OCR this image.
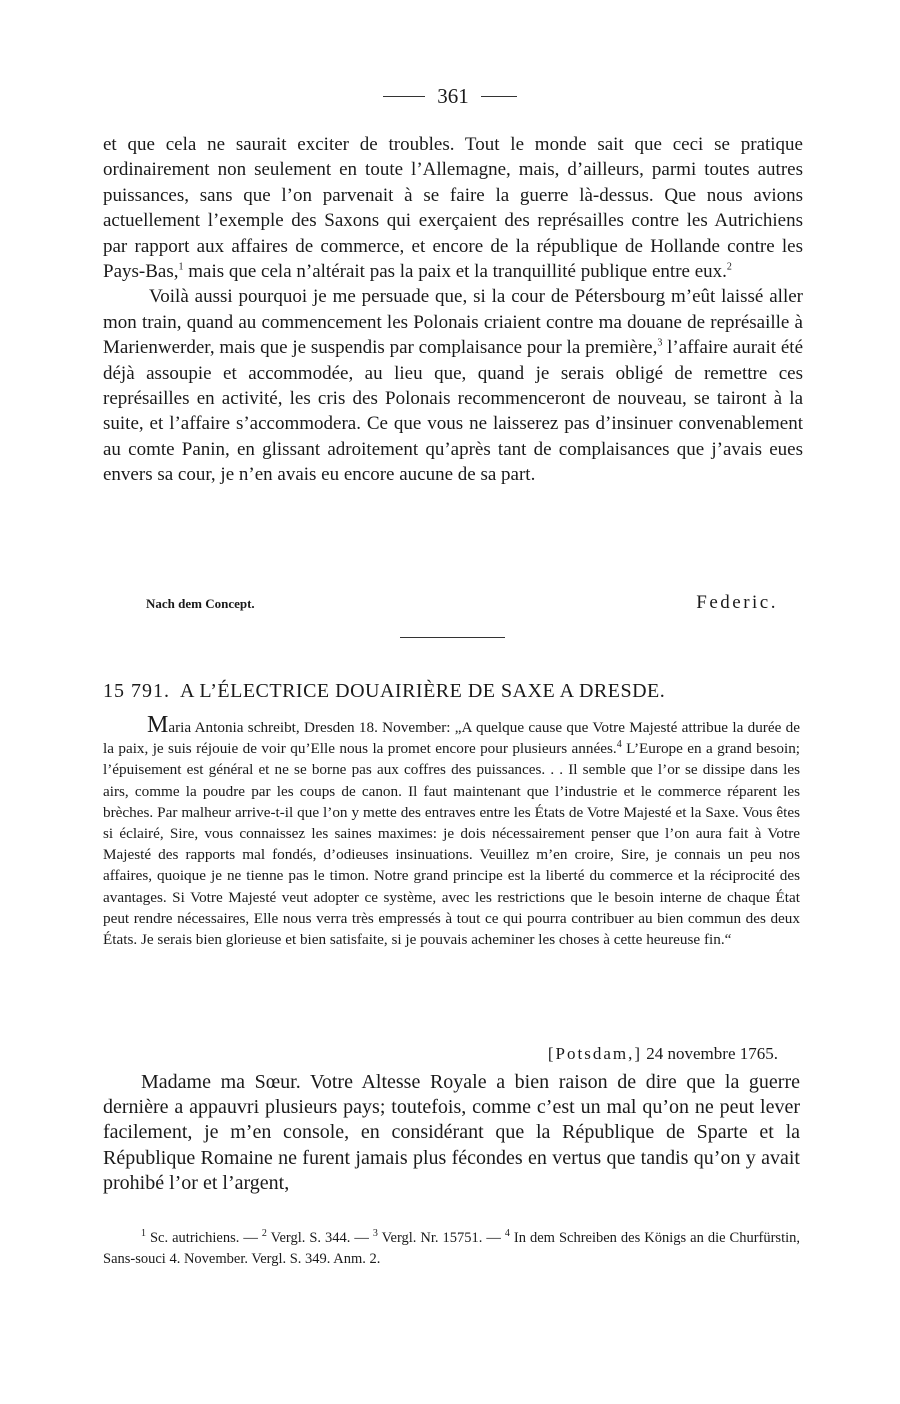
361

et que cela ne saurait exciter de troubles. Tout le monde sait que ceci se pratique ordinairement non seulement en toute l’Allemagne, mais, d’ailleurs, parmi toutes autres puissances, sans que l’on parvenait à se faire la guerre là-dessus. Que nous avions actuellement l’exemple des Saxons qui exerçaient des représailles contre les Autrichiens par rapport aux affaires de commerce, et encore de la république de Hollande contre les Pays-Bas,$^1$ mais que cela n’altérait pas la paix et la tranquillité publique entre eux.$^2$

Voilà aussi pourquoi je me persuade que, si la cour de Pétersbourg m’eût laissé aller mon train, quand au commencement les Polonais criaient contre ma douane de représaille à Marienwerder, mais que je suspendis par complaisance pour la première,$^3$ l’affaire aurait été déjà assoupie et accommodée, au lieu que, quand je serais obligé de remettre ces représailles en activité, les cris des Polonais recommenceront de nouveau, se tairont à la suite, et l’affaire s’accommodera. Ce que vous ne laisserez pas d’insinuer convenablement au comte Panin, en glissant adroitement qu’après tant de complaisances que j’avais eues envers sa cour, je n’en avais eu encore aucune de sa part.

Nach dem Concept.	Federic.
15 791. A L’ÉLECTRICE DOUAIRIÈRE DE SAXE A DRESDE.
Maria Antonia schreibt, Dresden 18. November: „A quelque cause que Votre Majesté attribue la durée de la paix, je suis réjouie de voir qu’Elle nous la promet encore pour plusieurs années.$^4$ L’Europe en a grand besoin; l’épuisement est général et ne se borne pas aux coffres des puissances. . . Il semble que l’or se dissipe dans les airs, comme la poudre par les coups de canon. Il faut maintenant que l’industrie et le commerce réparent les brèches. Par malheur arrive-t-il que l’on y mette des entraves entre les États de Votre Majesté et la Saxe. Vous êtes si éclairé, Sire, vous connaissez les saines maximes: je dois nécessairement penser que l’on aura fait à Votre Majesté des rapports mal fondés, d’odieuses insinuations. Veuillez m’en croire, Sire, je connais un peu nos affaires, quoique je ne tienne pas le timon. Notre grand principe est la liberté du commerce et la réciprocité des avantages. Si Votre Majesté veut adopter ce système, avec les restrictions que le besoin interne de chaque État peut rendre nécessaires, Elle nous verra très empressés à tout ce qui pourra contribuer au bien commun des deux États. Je serais bien glorieuse et bien satisfaite, si je pouvais acheminer les choses à cette heureuse fin.“
[Potsdam,] 24 novembre 1765.
Madame ma Sœur. Votre Altesse Royale a bien raison de dire que la guerre dernière a appauvri plusieurs pays; toutefois, comme c’est un mal qu’on ne peut lever facilement, je m’en console, en considérant que la République de Sparte et la République Romaine ne furent jamais plus fécondes en vertus que tandis qu’on y avait prohibé l’or et l’argent,
$^1$ Sc. autrichiens. — $^2$ Vergl. S. 344. — $^3$ Vergl. Nr. 15751. — $^4$ In dem Schreiben des Königs an die Churfürstin, Sans-souci 4. November. Vergl. S. 349. Anm. 2.
